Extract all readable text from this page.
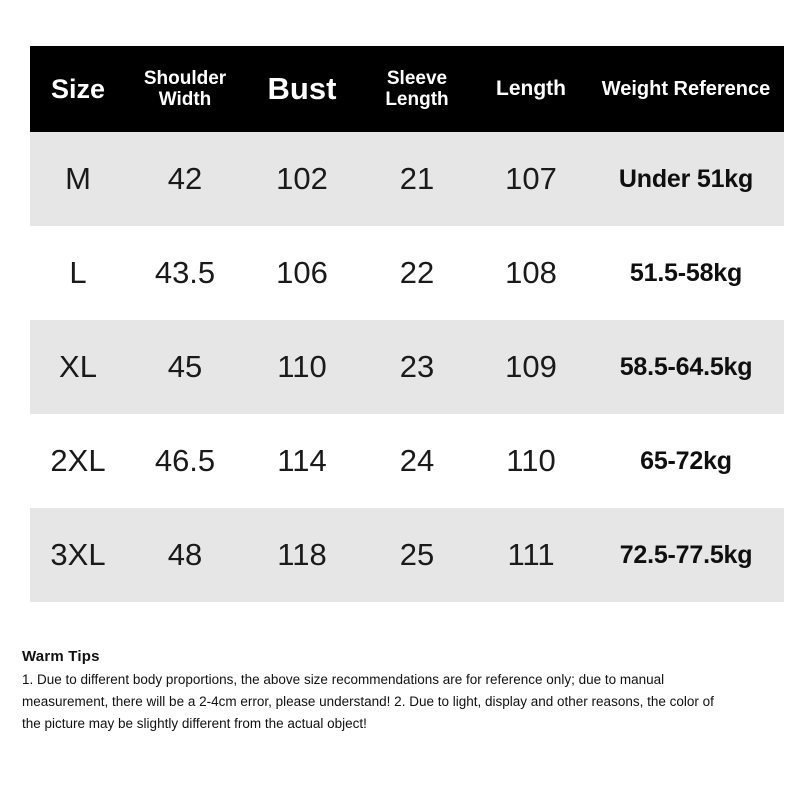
Size	Shoulder Width	Bust	Sleeve Length	Length	Weight Reference
M	42	102	21	107	Under 51kg
L	43.5	106	22	108	51.5-58kg
XL	45	110	23	109	58.5-64.5kg
2XL	46.5	114	24	110	65-72kg
3XL	48	118	25	111	72.5-77.5kg

Warm Tips

1. Due to different body proportions, the above size recommendations are for reference only; due to manual measurement, there will be a 2-4cm error, please understand! 2. Due to light, display and other reasons, the color of the picture may be slightly different from the actual object!
